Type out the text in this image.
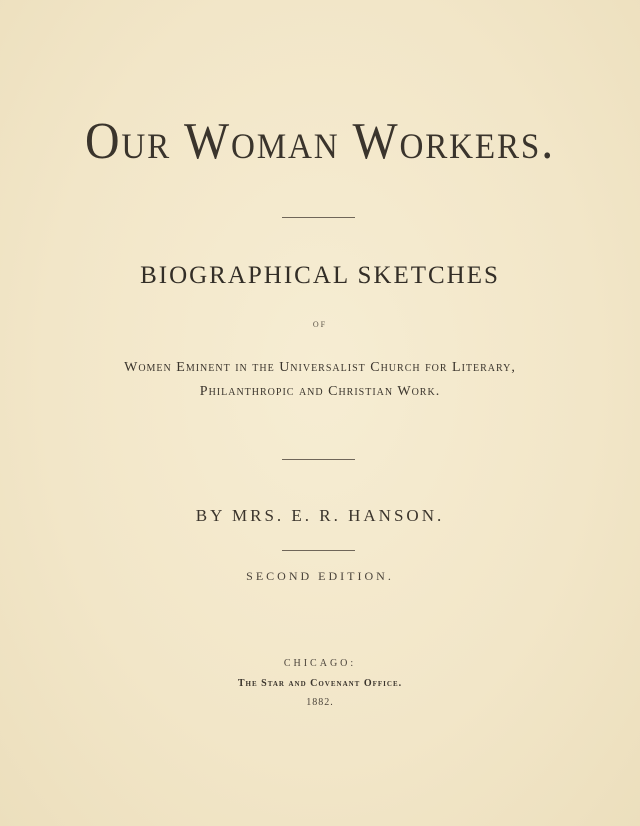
Our Woman Workers.
BIOGRAPHICAL SKETCHES
OF
Women Eminent in the Universalist Church for Literary,
Philanthropic and Christian Work.
BY MRS. E. R. HANSON.
SECOND EDITION.
CHICAGO:
The Star and Covenant Office.
1882.
